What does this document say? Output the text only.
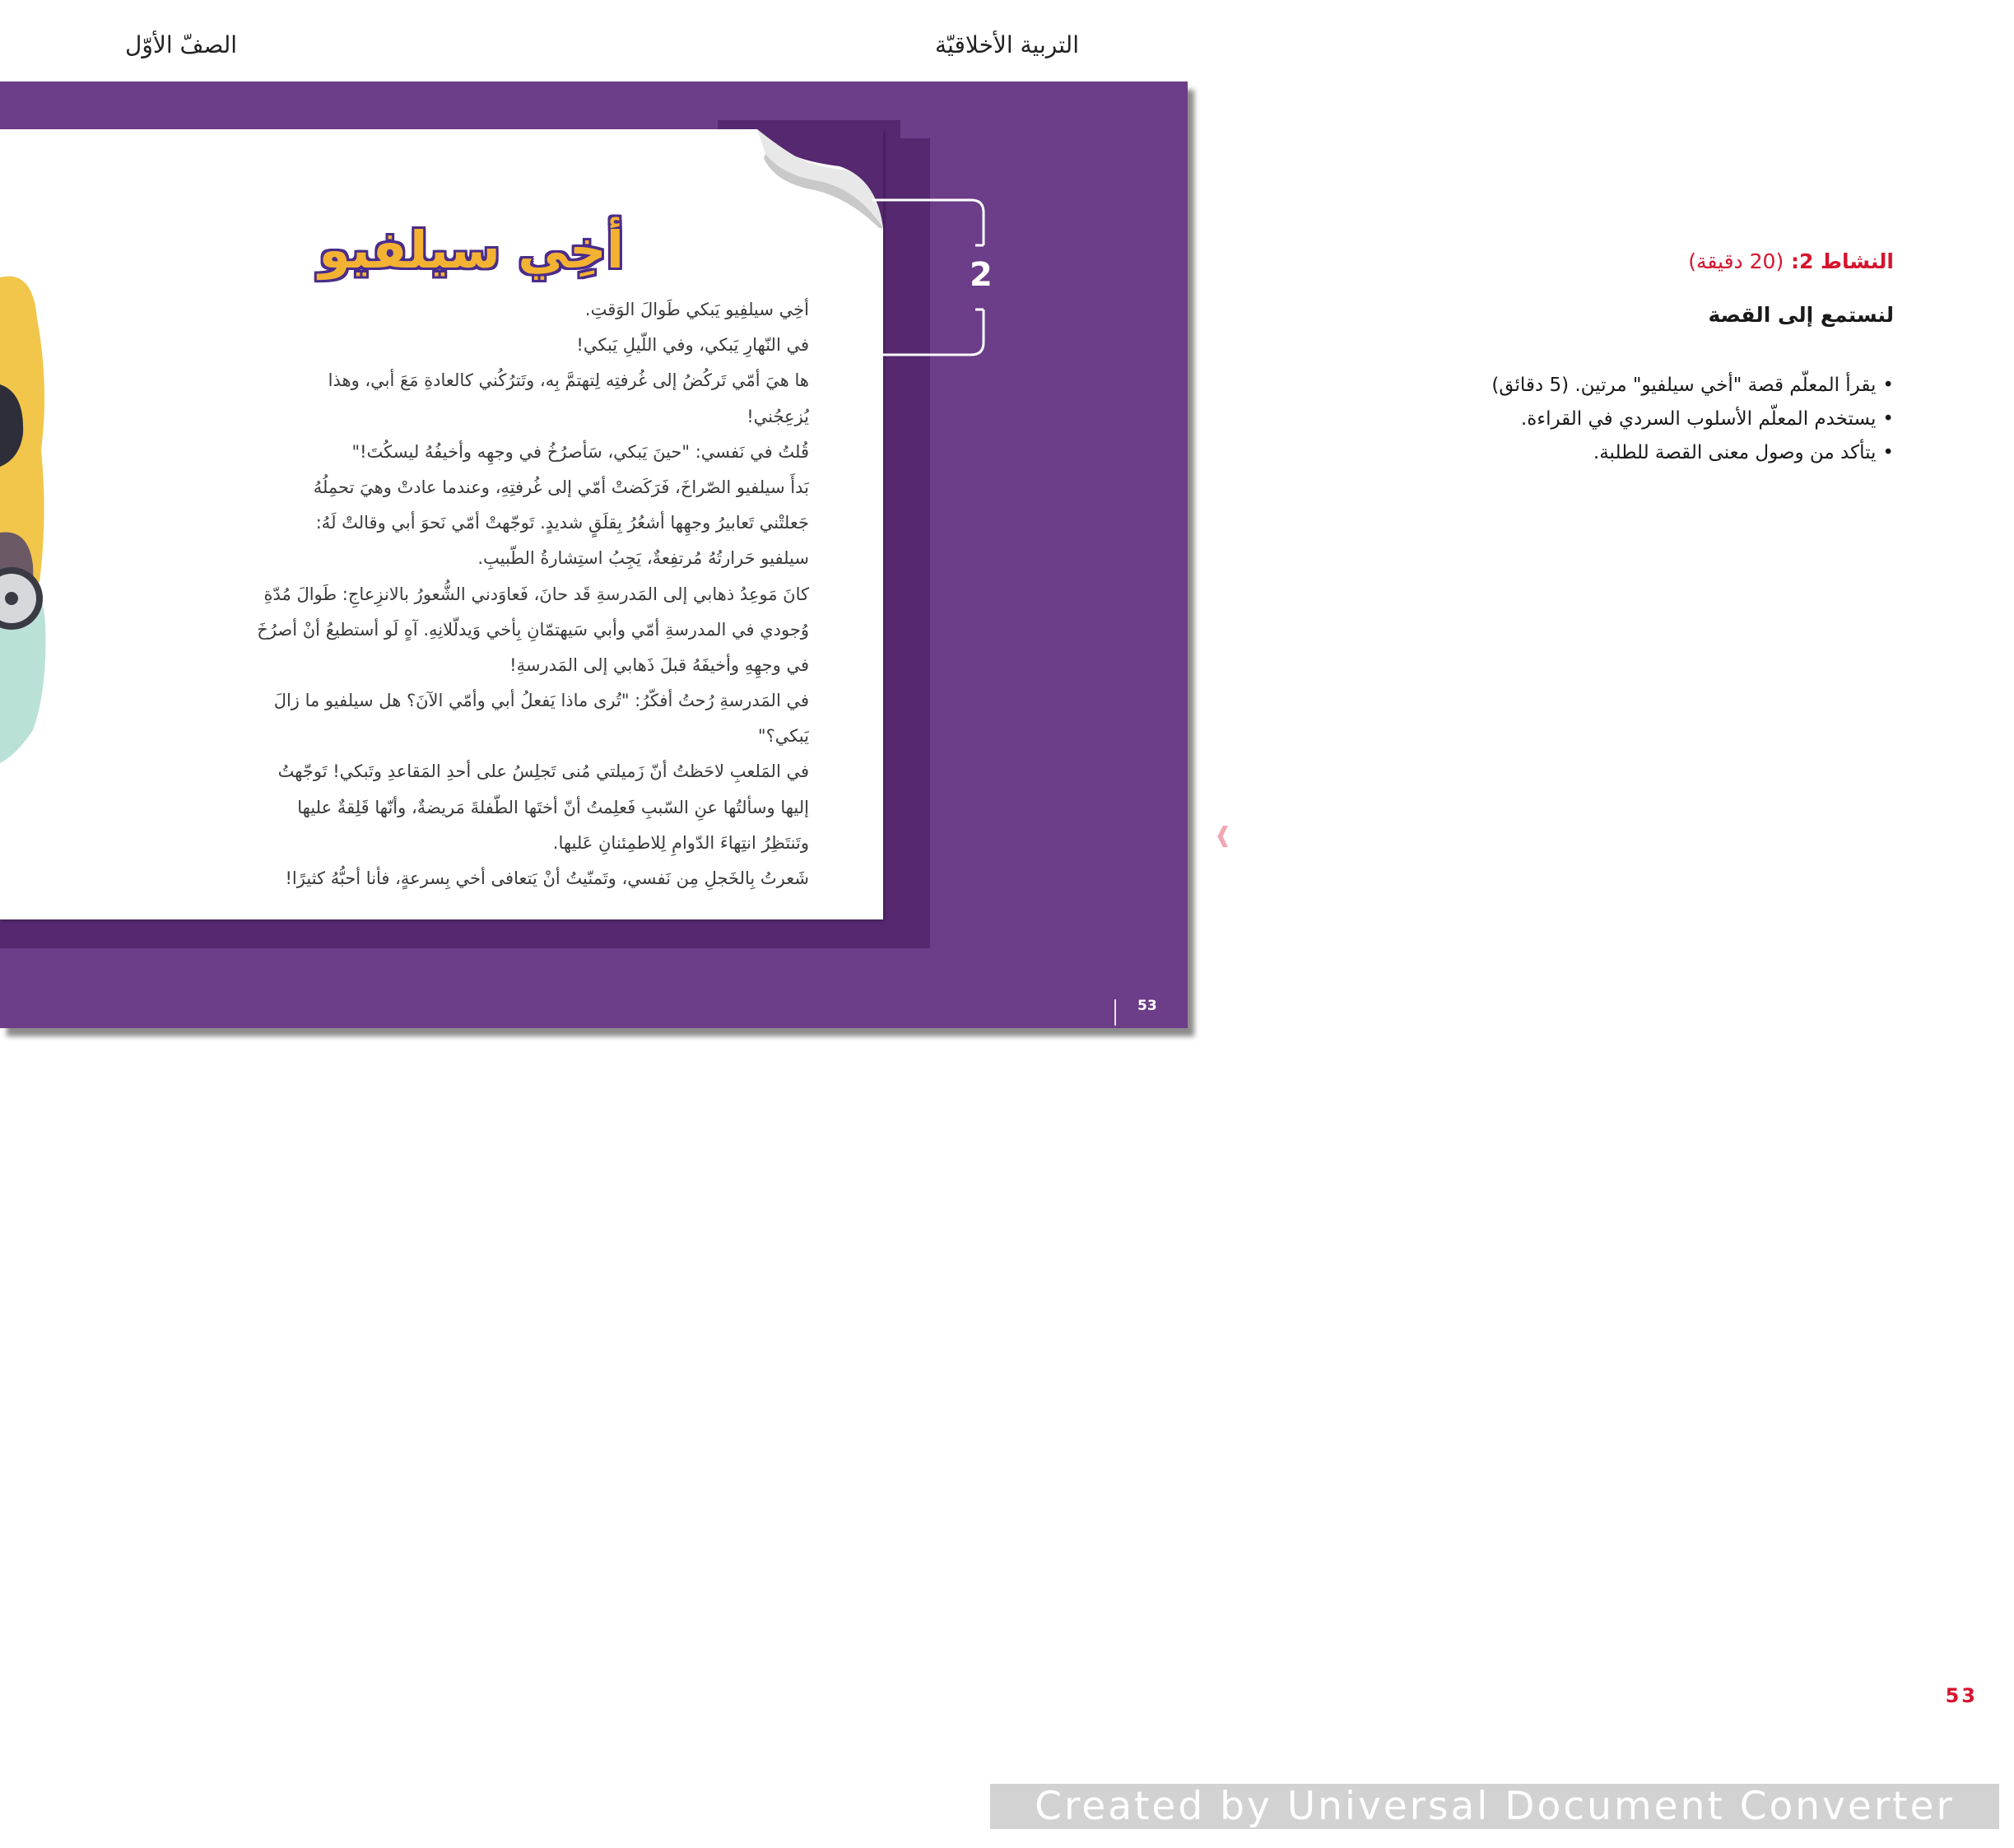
التربية الأخلاقيّة
الصفّ الأوّل
أخِي سيلفيو
أخِي سيلفِيو يَبكي طَوالَ الوَقتِ.
في النّهارِ يَبكي، وفي اللّيلِ يَبكي!
ها هيَ أمّي تَركُضُ إلى غُرفتِه لِتهتمَّ بِه، وتَترُكُني كالعادةِ مَعَ أبي، وهذا
يُزعِجُني!
قُلتُ في نَفسي: "حينَ يَبكي، سَأصرُخُ في وجهِه وأخيفُهُ ليسكُتَ!"
بَدأَ سيلفيو الصّراخَ، فَرَكَضتْ أمّي إلى غُرفتِهِ، وعندما عادتْ وهيَ تحمِلُهُ
جَعلتْني تَعابيرُ وجهِها أشعُرُ بِقلَقٍ شديدٍ. تَوجّهتْ أمّي نَحوَ أبي وقالتْ لَهُ:
سيلفيو حَرارتُهُ مُرتفِعةٌ، يَجِبُ استِشارةُ الطّبيبِ.
كانَ مَوعِدُ ذهابي إلى المَدرسةِ قَد حانَ، فَعاوَدني الشُّعورُ بالانزِعاجِ: طَوالَ مُدّةِ
وُجودي في المدرسةِ أمّي وأبي سَيهتمّانِ بِأخي وَيدلّلانِهِ. آهٍ لَو أستطيعُ أنْ أصرُخَ
في وجهِهِ وأخيفَهُ قبلَ ذَهابي إلى المَدرسةِ!
في المَدرسةِ رُحتُ أفكّرُ: "تُرى ماذا يَفعلُ أبي وأمّي الآنَ؟ هل سيلفيو ما زالَ
يَبكي؟"
في المَلعبِ لاحَظتُ أنّ زَميلتي مُنى تَجلِسُ على أحدِ المَقاعدِ وتَبكي! تَوجّهتُ
إليها وسألتُها عنِ السّببِ فَعلِمتُ أنّ أختَها الطّفلةَ مَريضةٌ، وأنّها قَلِقةٌ عليها
وتَنتَظِرُ انتِهاءَ الدّوامِ لِلاطمِئنانِ عَليها.
شَعرتُ بِالخَجلِ مِن نَفسي، وتَمنّيتُ أنْ يَتعافى أخي بِسرعةٍ، فأنا أحبُّهُ كثيرًا!
2
53
❰
النشاط 2: (20 دقيقة)
لنستمع إلى القصة
•يقرأ المعلّم قصة "أخي سيلفيو" مرتين. (5 دقائق)
•يستخدم المعلّم الأسلوب السردي في القراءة.
•يتأكد من وصول معنى القصة للطلبة.
53
Created by Universal Document Converter
